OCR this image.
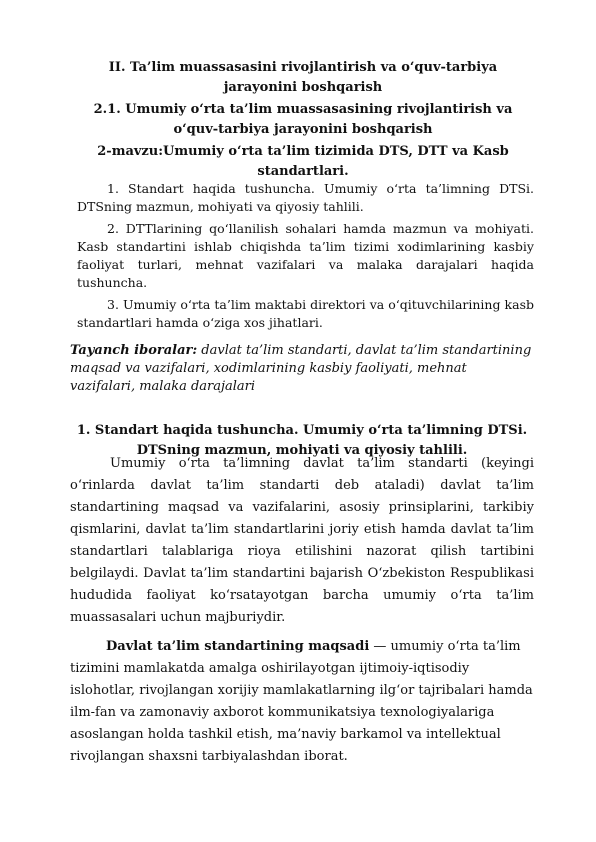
II. Ta’lim muassasasini rivojlantirish va o‘quv-tarbiya
jarayonini boshqarish
2.1. Umumiy o‘rta ta’lim muassasasining rivojlantirish va
o‘quv-tarbiya jarayonini boshqarish
2-mavzu:Umumiy o‘rta ta’lim tizimida DTS, DTT va Kasb
standartlari.

1. Standart haqida tushuncha. Umumiy o‘rta ta’limning DTSi. DTSning mazmun, mohiyati va qiyosiy tahlili.

2. DTTlarining qo‘llanilish sohalari hamda mazmun va mohiyati. Kasb standartini ishlab chiqishda ta’lim tizimi xodimlarining kasbiy faoliyat turlari, mehnat vazifalari va malaka darajalari haqida tushuncha.

3. Umumiy o‘rta ta’lim maktabi direktori va o‘qituvchilarining kasb standartlari hamda o‘ziga xos jihatlari.

Tayanch iboralar: davlat ta’lim standarti, davlat ta’lim standartining maqsad va vazifalari, xodimlarining kasbiy faoliyati, mehnat vazifalari, malaka darajalari
1. Standart haqida tushuncha. Umumiy o‘rta ta’limning DTSi.
DTSning mazmun, mohiyati va qiyosiy tahlili.

Umumiy o‘rta ta’limning davlat ta’lim standarti (keyingi o‘rinlarda davlat ta’lim standarti deb ataladi) davlat ta’lim standartining maqsad va vazifalarini, asosiy prinsiplarini, tarkibiy qismlarini, davlat ta’lim standartlarini joriy etish hamda davlat ta’lim standartlari talablariga rioya etilishini nazorat qilish tartibini belgilaydi. Davlat ta’lim standartini bajarish O‘zbekiston Respublikasi hududida faoliyat ko‘rsatayotgan barcha umumiy o‘rta ta’lim muassasalari uchun majburiydir.

Davlat ta’lim standartining maqsadi — umumiy o‘rta ta’lim tizimini mamlakatda amalga oshirilayotgan ijtimoiy-iqtisodiy islohotlar, rivojlangan xorijiy mamlakatlarning ilg‘or tajribalari hamda ilm-fan va zamonaviy axborot kommunikatsiya texnologiyalariga asoslangan holda tashkil etish, ma’naviy barkamol va intellektual rivojlangan shaxsni tarbiyalashdan iborat.
